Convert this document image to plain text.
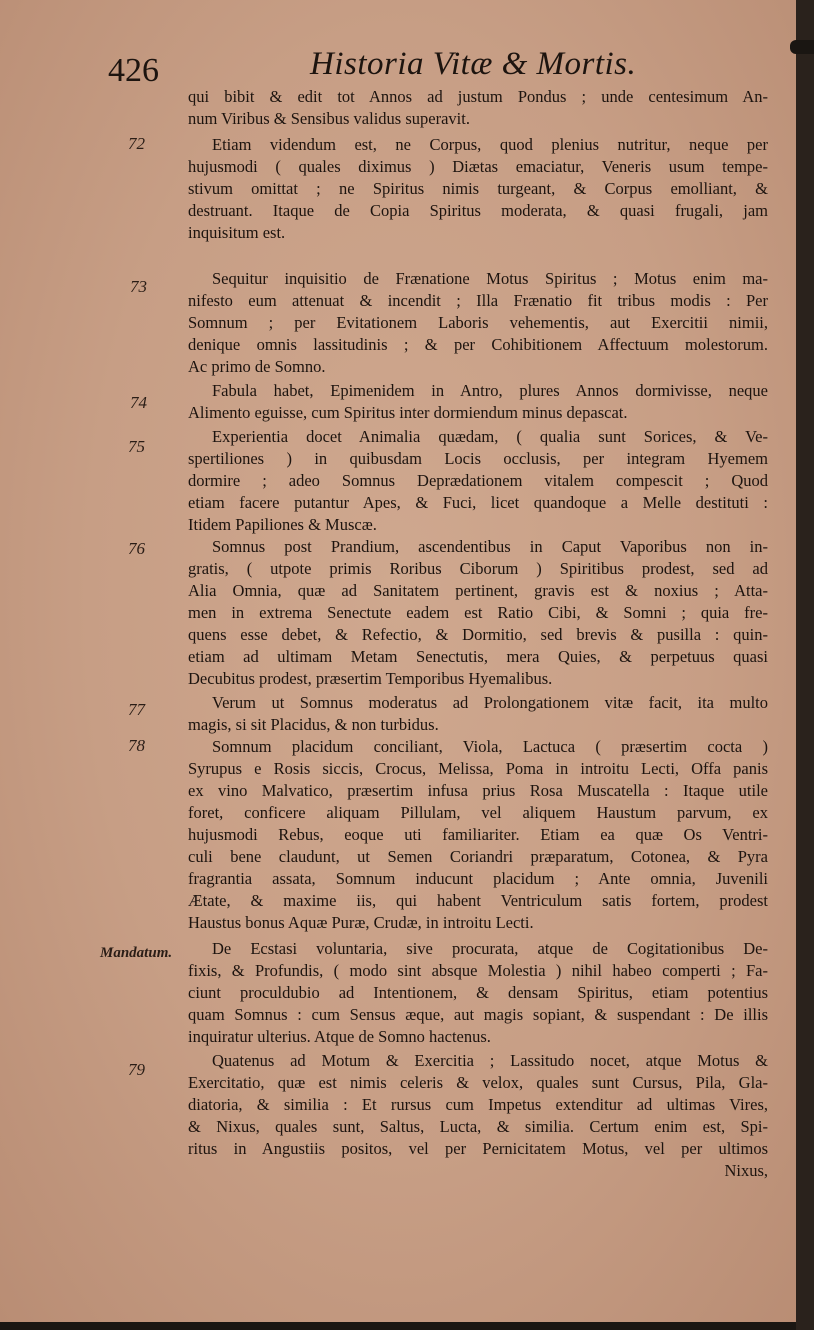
426	Historia Vitæ & Mortis.
72
73
74
75
76
77
78
Mandatum.
79
qui bibit & edit tot Annos ad justum Pondus ; unde centesimum An-
num Viribus & Sensibus validus superavit.
Etiam videndum est, ne Corpus, quod plenius nutritur, neque per
hujusmodi ( quales diximus ) Diætas emaciatur, Veneris usum tempe-
stivum omittat ; ne Spiritus nimis turgeant, & Corpus emolliant, &
destruant. Itaque de Copia Spiritus moderata, & quasi frugali, jam
inquisitum est.
Sequitur inquisitio de Frænatione Motus Spiritus ; Motus enim ma-
nifesto eum attenuat & incendit ; Illa Frænatio fit tribus modis : Per
Somnum ; per Evitationem Laboris vehementis, aut Exercitii nimii,
denique omnis lassitudinis ; & per Cohibitionem Affectuum molestorum.
Ac primo de Somno.
Fabula habet, Epimenidem in Antro, plures Annos dormivisse, neque
Alimento eguisse, cum Spiritus inter dormiendum minus depascat.
Experientia docet Animalia quædam, ( qualia sunt Sorices, & Ve-
spertiliones ) in quibusdam Locis occlusis, per integram Hyemem
dormire ; adeo Somnus Deprædationem vitalem compescit ; Quod
etiam facere putantur Apes, & Fuci, licet quandoque a Melle destituti :
Itidem Papiliones & Muscæ.
Somnus post Prandium, ascendentibus in Caput Vaporibus non in-
gratis, ( utpote primis Roribus Ciborum ) Spiritibus prodest, sed ad
Alia Omnia, quæ ad Sanitatem pertinent, gravis est & noxius ; Atta-
men in extrema Senectute eadem est Ratio Cibi, & Somni ; quia fre-
quens esse debet, & Refectio, & Dormitio, sed brevis & pusilla : quin-
etiam ad ultimam Metam Senectutis, mera Quies, & perpetuus quasi
Decubitus prodest, præsertim Temporibus Hyemalibus.
Verum ut Somnus moderatus ad Prolongationem vitæ facit, ita multo
magis, si sit Placidus, & non turbidus.
Somnum placidum conciliant, Viola, Lactuca ( præsertim cocta )
Syrupus e Rosis siccis, Crocus, Melissa, Poma in introitu Lecti, Offa panis
ex vino Malvatico, præsertim infusa prius Rosa Muscatella : Itaque utile
foret, conficere aliquam Pillulam, vel aliquem Haustum parvum, ex
hujusmodi Rebus, eoque uti familiariter. Etiam ea quæ Os Ventri-
culi bene claudunt, ut Semen Coriandri præparatum, Cotonea, & Pyra
fragrantia assata, Somnum inducunt placidum ; Ante omnia, Juvenili
Ætate, & maxime iis, qui habent Ventriculum satis fortem, prodest
Haustus bonus Aquæ Puræ, Crudæ, in introitu Lecti.
De Ecstasi voluntaria, sive procurata, atque de Cogitationibus De-
fixis, & Profundis, ( modo sint absque Molestia ) nihil habeo comperti ; Fa-
ciunt proculdubio ad Intentionem, & densam Spiritus, etiam potentius
quam Somnus : cum Sensus æque, aut magis sopiant, & suspendant : De illis
inquiratur ulterius. Atque de Somno hactenus.
Quatenus ad Motum & Exercitia ; Lassitudo nocet, atque Motus &
Exercitatio, quæ est nimis celeris & velox, quales sunt Cursus, Pila, Gla-
diatoria, & similia : Et rursus cum Impetus extenditur ad ultimas Vires,
& Nixus, quales sunt, Saltus, Lucta, & similia. Certum enim est, Spi-
ritus in Angustiis positos, vel per Pernicitatem Motus, vel per ultimos
Nixus,
